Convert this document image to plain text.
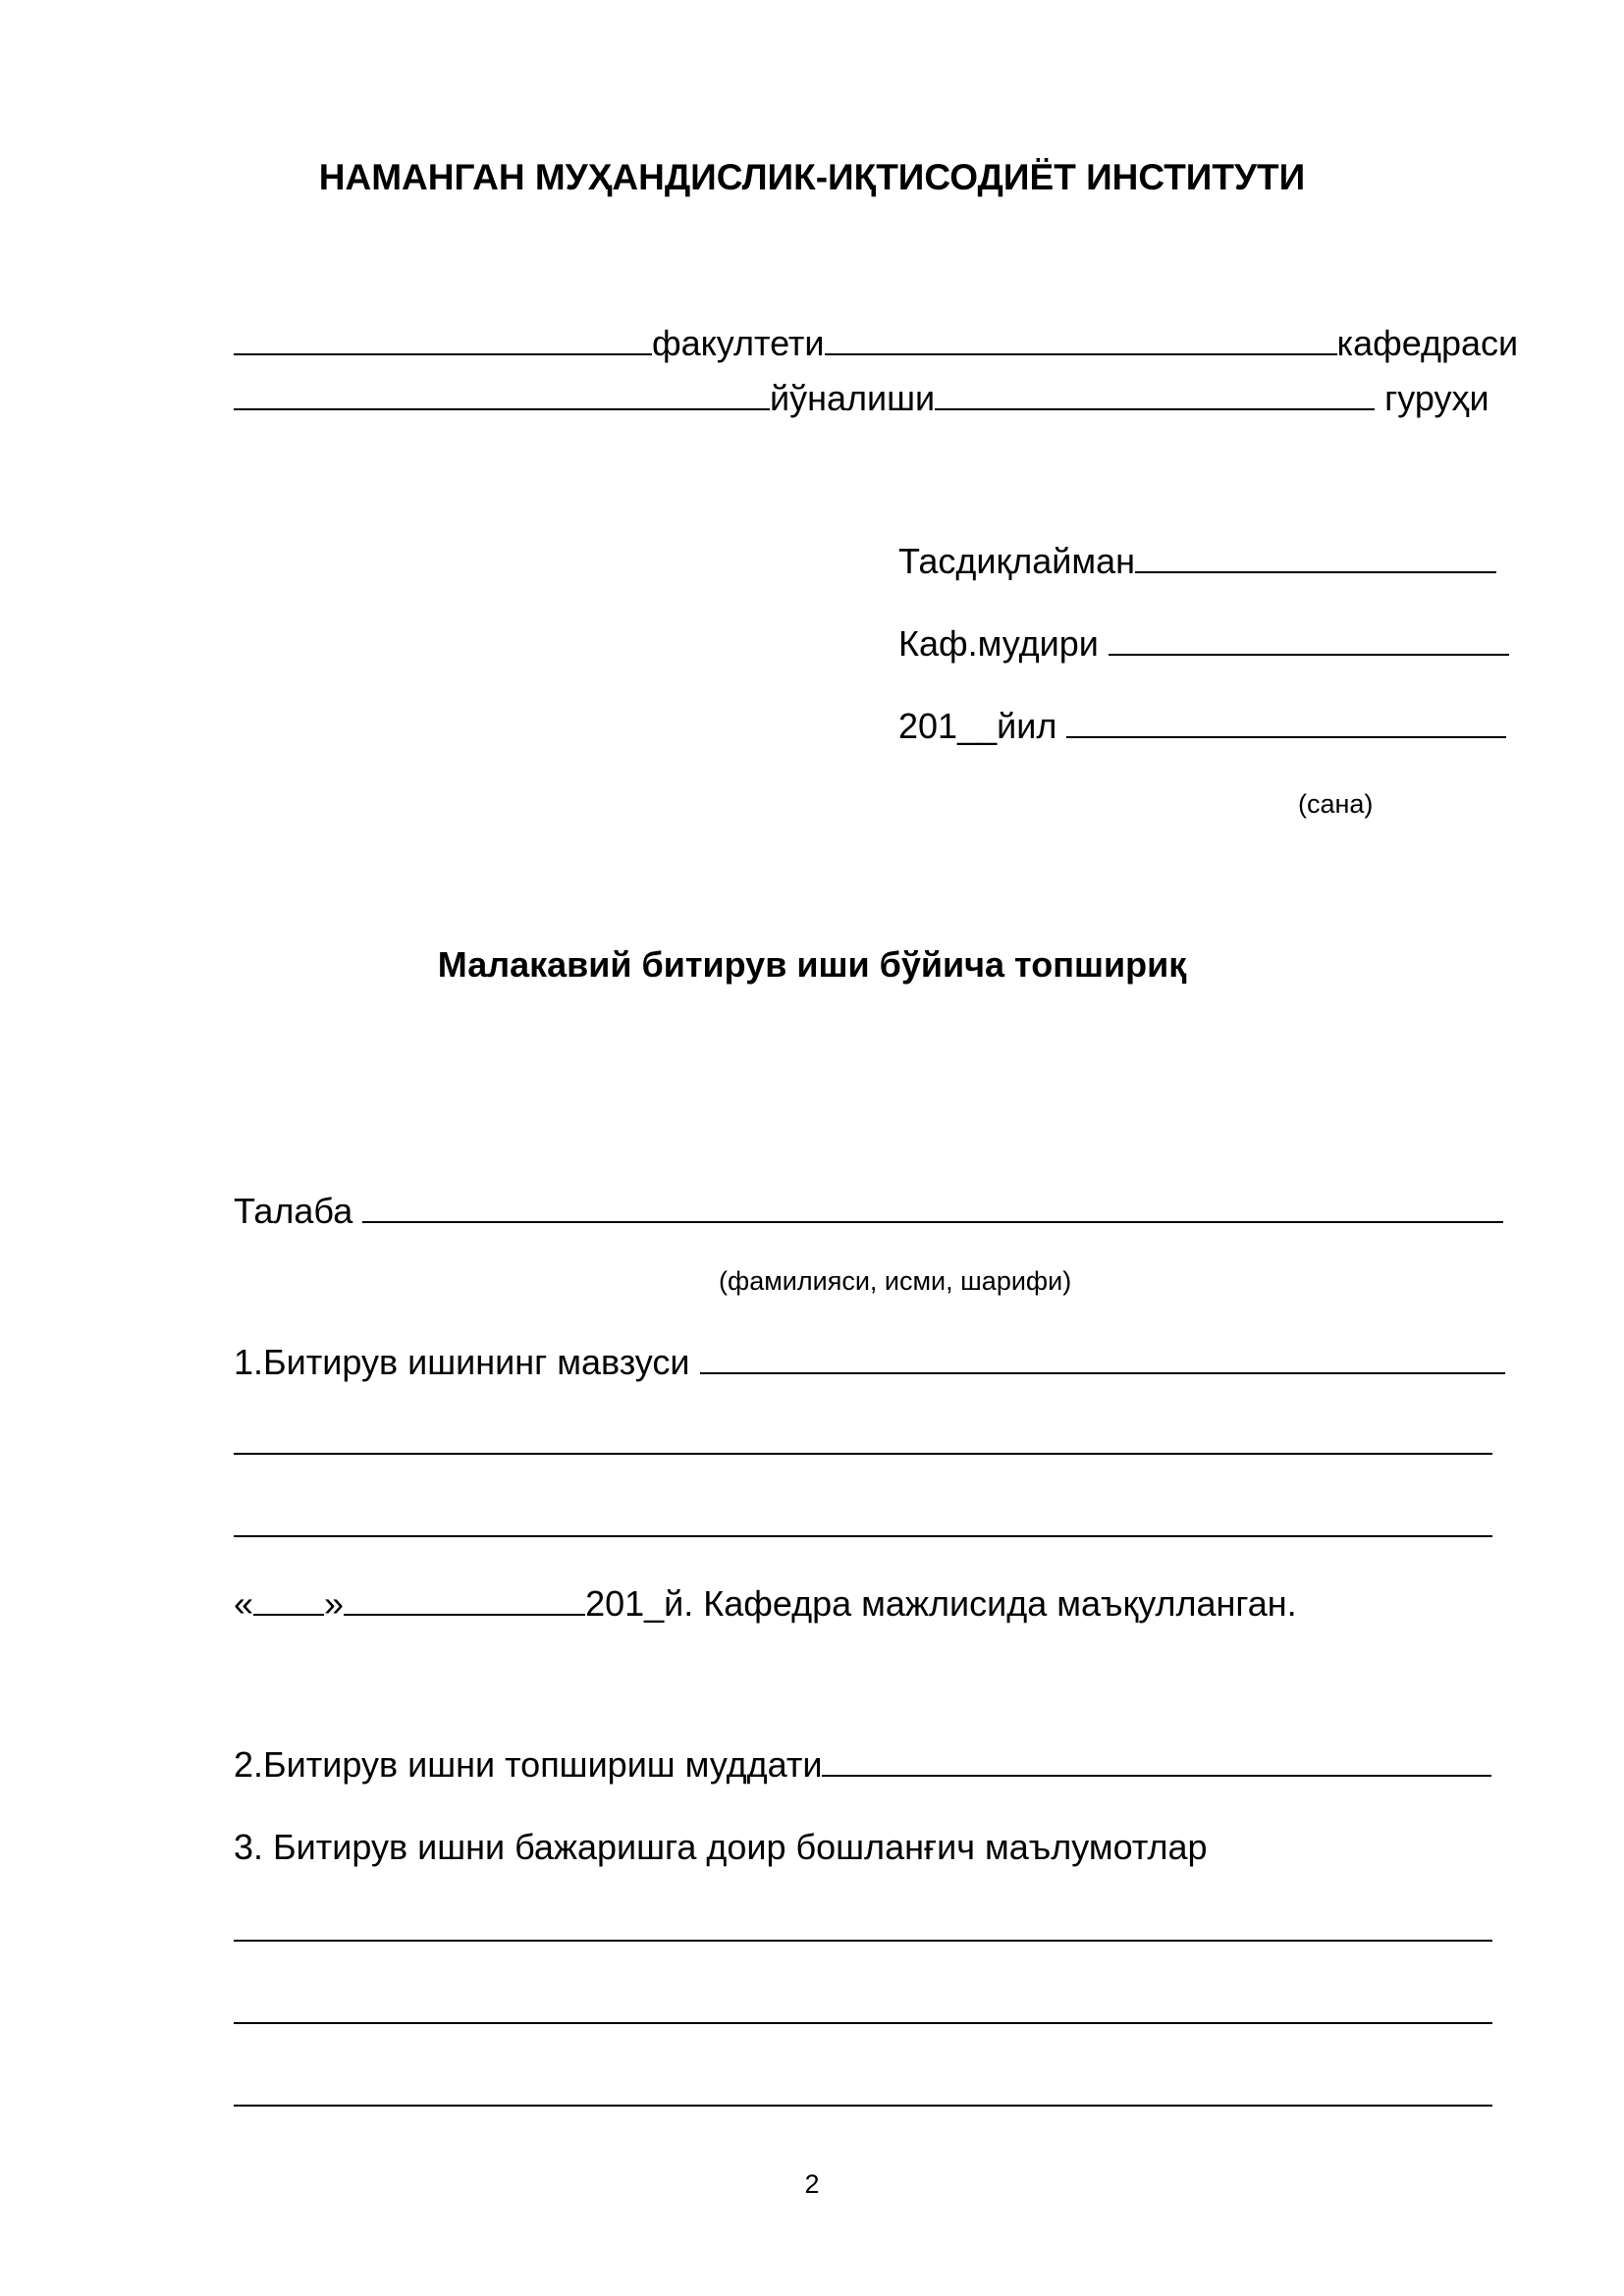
НАМАНГАН МУҲАНДИСЛИК-ИҚТИСОДИЁТ ИНСТИТУТИ
факултети	кафедраси
йўналиши	гуруҳи
Тасдиқлайман
Каф.мудири
201__йил
(сана)
Малакавий битирув иши бўйича топшириқ
Талаба
(фамилияси, исми, шарифи)
1.Битирув ишининг мавзуси
« »	201_й. Кафедра мажлисида маъқулланган.
2.Битирув ишни топшириш муддати
3. Битирув ишни бажаришга доир бошланғич маълумотлар
2
